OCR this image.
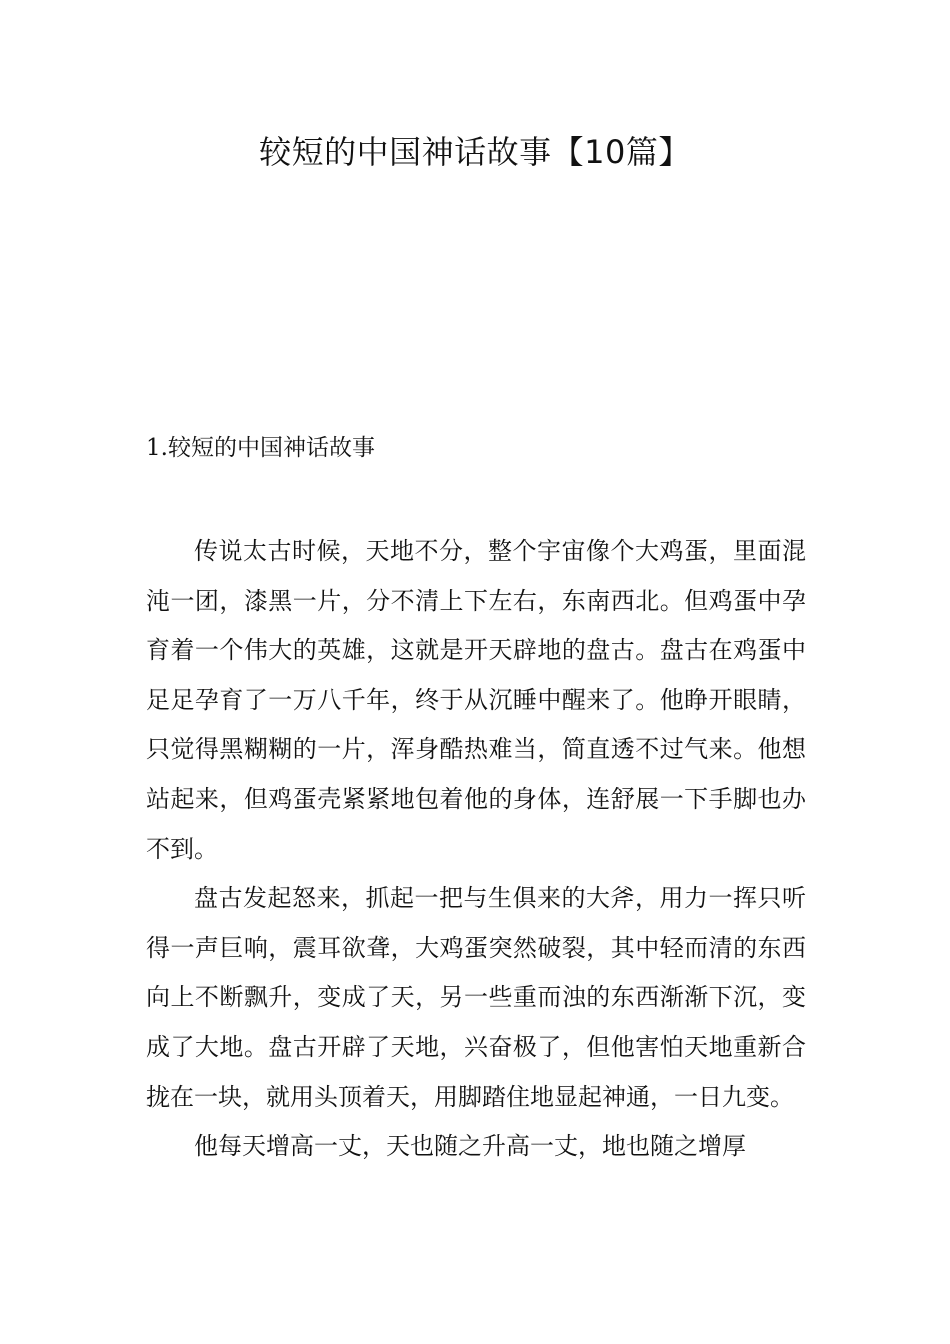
较短的中国神话故事【10篇】
1.较短的中国神话故事

传说太古时候，天地不分，整个宇宙像个大鸡蛋，里面混沌一团，漆黑一片，分不清上下左右，东南西北。但鸡蛋中孕育着一个伟大的英雄，这就是开天辟地的盘古。盘古在鸡蛋中足足孕育了一万八千年，终于从沉睡中醒来了。他睁开眼睛，只觉得黑糊糊的一片，浑身酷热难当，简直透不过气来。他想站起来，但鸡蛋壳紧紧地包着他的身体，连舒展一下手脚也办不到。

盘古发起怒来，抓起一把与生俱来的大斧，用力一挥只听得一声巨响，震耳欲聋，大鸡蛋突然破裂，其中轻而清的东西向上不断飘升，变成了天，另一些重而浊的东西渐渐下沉，变成了大地。盘古开辟了天地，兴奋极了，但他害怕天地重新合拢在一块，就用头顶着天，用脚踏住地显起神通，一日九变。

他每天增高一丈，天也随之升高一丈，地也随之增厚
